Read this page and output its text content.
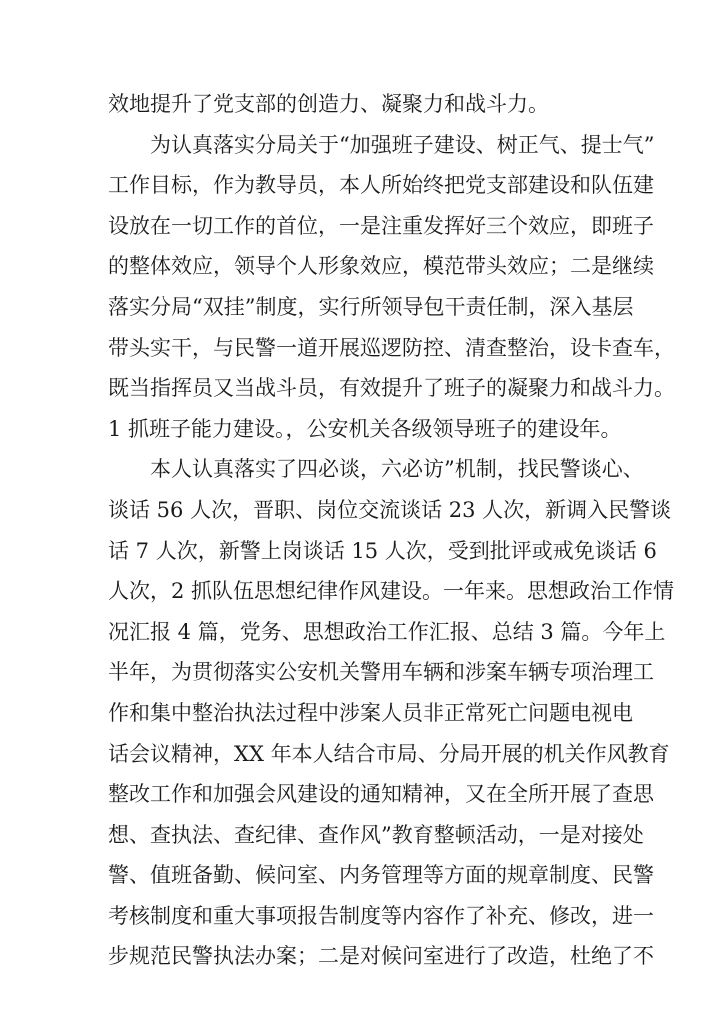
效地提升了党支部的创造力、凝聚力和战斗力。
为认真落实分局关于“加强班子建设、树正气、提士气”
工作目标，作为教导员，本人所始终把党支部建设和队伍建
设放在一切工作的首位，一是注重发挥好三个效应，即班子
的整体效应，领导个人形象效应，模范带头效应；二是继续
落实分局“双挂”制度，实行所领导包干责任制，深入基层
带头实干，与民警一道开展巡逻防控、清查整治，设卡查车，
既当指挥员又当战斗员，有效提升了班子的凝聚力和战斗力。
1 抓班子能力建设。，公安机关各级领导班子的建设年。
本人认真落实了四必谈，六必访”机制，找民警谈心、
谈话 56 人次，晋职、岗位交流谈话 23 人次，新调入民警谈
话 7 人次，新警上岗谈话 15 人次，受到批评或戒免谈话 6
人次，2 抓队伍思想纪律作风建设。一年来。思想政治工作情
况汇报 4 篇，党务、思想政治工作汇报、总结 3 篇。今年上
半年，为贯彻落实公安机关警用车辆和涉案车辆专项治理工
作和集中整治执法过程中涉案人员非正常死亡问题电视电
话会议精神，XX 年本人结合市局、分局开展的机关作风教育
整改工作和加强会风建设的通知精神，又在全所开展了查思
想、查执法、查纪律、查作风”教育整顿活动，一是对接处
警、值班备勤、候问室、内务管理等方面的规章制度、民警
考核制度和重大事项报告制度等内容作了补充、修改，进一
步规范民警执法办案；二是对候问室进行了改造，杜绝了不
